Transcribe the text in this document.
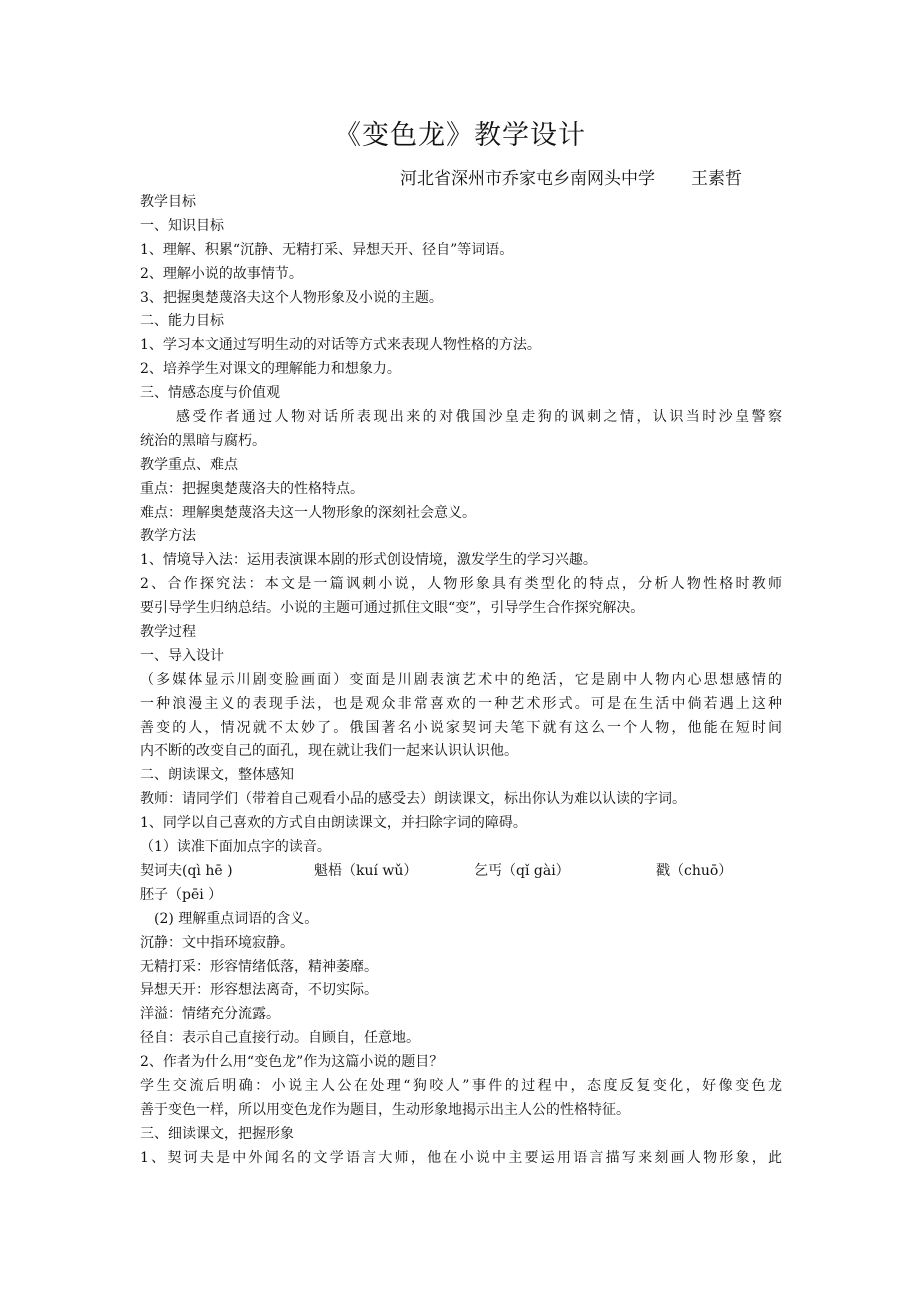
《变色龙》教学设计
河北省深州市乔家屯乡南网头中学 王素哲
教学目标
一、知识目标
1、理解、积累“沉静、无精打采、异想天开、径自”等词语。
2、理解小说的故事情节。
3、把握奥楚蔑洛夫这个人物形象及小说的主题。
二、能力目标
1、学习本文通过写明生动的对话等方式来表现人物性格的方法。
2、培养学生对课文的理解能力和想象力。
三、情感态度与价值观
感受作者通过人物对话所表现出来的对俄国沙皇走狗的讽刺之情，认识当时沙皇警察
统治的黑暗与腐朽。
教学重点、难点
重点：把握奥楚蔑洛夫的性格特点。
难点：理解奥楚蔑洛夫这一人物形象的深刻社会意义。
教学方法
1、情境导入法：运用表演课本剧的形式创设情境，激发学生的学习兴趣。
2、合作探究法：本文是一篇讽刺小说，人物形象具有类型化的特点，分析人物性格时教师
要引导学生归纳总结。小说的主题可通过抓住文眼“变”，引导学生合作探究解决。
教学过程
一、导入设计
（多媒体显示川剧变脸画面）变面是川剧表演艺术中的绝活，它是剧中人物内心思想感情的
一种浪漫主义的表现手法，也是观众非常喜欢的一种艺术形式。可是在生活中倘若遇上这种
善变的人，情况就不太妙了。俄国著名小说家契诃夫笔下就有这么一个人物，他能在短时间
内不断的改变自己的面孔，现在就让我们一起来认识认识他。
二、朗读课文，整体感知
教师：请同学们（带着自己观看小品的感受去）朗读课文，标出你认为难以认读的字词。
1、同学以自己喜欢的方式自由朗读课文，并扫除字词的障碍。
（1）读准下面加点字的读音。
契诃夫(qì hē )	魁梧（kuí wǔ）	乞丐（qǐ gài）	戳（chuō）
胚子（pēi ）
(2) 理解重点词语的含义。
沉静：文中指环境寂静。
无精打采：形容情绪低落，精神萎靡。
异想天开：形容想法离奇，不切实际。
洋溢：情绪充分流露。
径自：表示自己直接行动。自顾自，任意地。
2、作者为什么用“变色龙”作为这篇小说的题目？
学生交流后明确：小说主人公在处理“狗咬人”事件的过程中，态度反复变化，好像变色龙
善于变色一样，所以用变色龙作为题目，生动形象地揭示出主人公的性格特征。
三、细读课文，把握形象
1、契诃夫是中外闻名的文学语言大师，他在小说中主要运用语言描写来刻画人物形象，此
